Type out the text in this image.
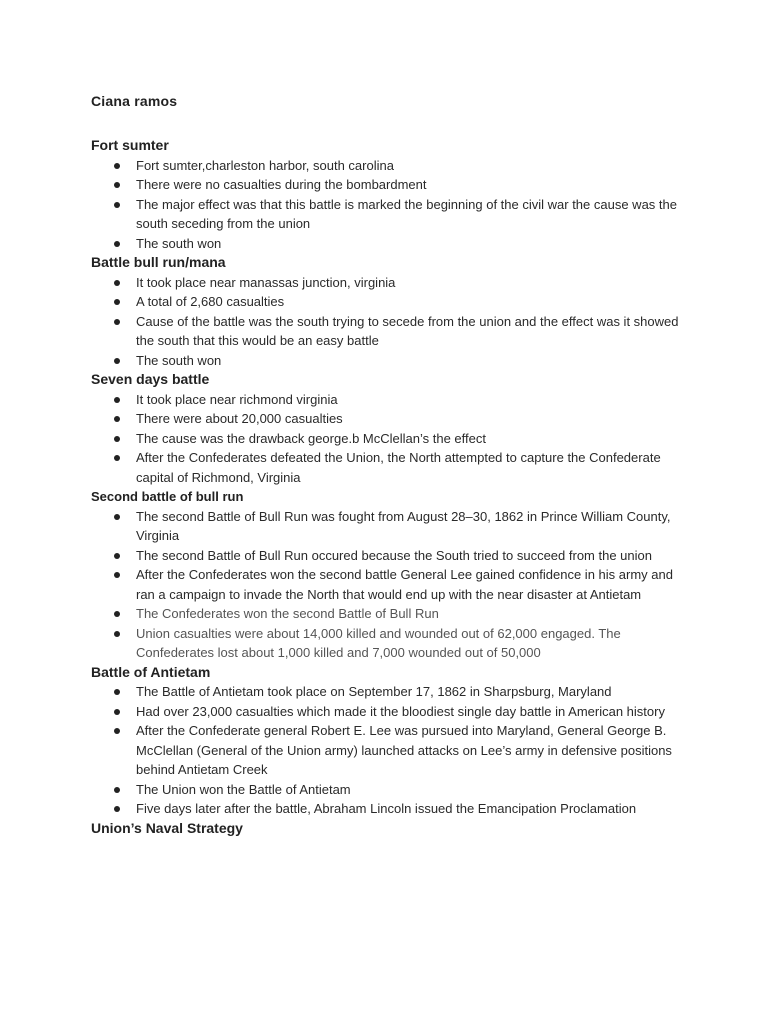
Ciana ramos
Fort sumter
Fort sumter,charleston harbor, south carolina
There were no casualties during the bombardment
The major effect was that this battle is marked the beginning of the civil war the cause was the south seceding from the union
The south won
Battle bull run/mana
It took place near manassas junction, virginia
A total of 2,680 casualties
Cause of the battle was the south trying to secede from the union and the effect was it showed the south that this would be an easy battle
The south won
Seven days battle
It took place near richmond virginia
There were about 20,000 casualties
The cause was the drawback george.b McClellan’s the effect
After the Confederates defeated the Union, the North attempted to capture the Confederate capital of Richmond, Virginia
Second battle of bull run
The second Battle of Bull Run was fought from August 28–30, 1862 in Prince William County, Virginia
The second Battle of Bull Run occured because the South tried to succeed from the union
After the Confederates won the second battle General Lee gained confidence in his army and ran a campaign to invade the North that would end up with the near disaster at Antietam
The Confederates won the second Battle of Bull Run
Union casualties were about 14,000 killed and wounded out of 62,000 engaged. The Confederates lost about 1,000 killed and 7,000 wounded out of 50,000
Battle of Antietam
The Battle of Antietam took place on September 17, 1862 in Sharpsburg, Maryland
Had over 23,000 casualties which made it the bloodiest single day battle in American history
After the Confederate general Robert E. Lee was pursued into Maryland, General George B. McClellan (General of the Union army) launched attacks on Lee’s army in defensive positions behind Antietam Creek
The Union won the Battle of Antietam
Five days later after the battle, Abraham Lincoln issued the Emancipation Proclamation
Union’s Naval Strategy
